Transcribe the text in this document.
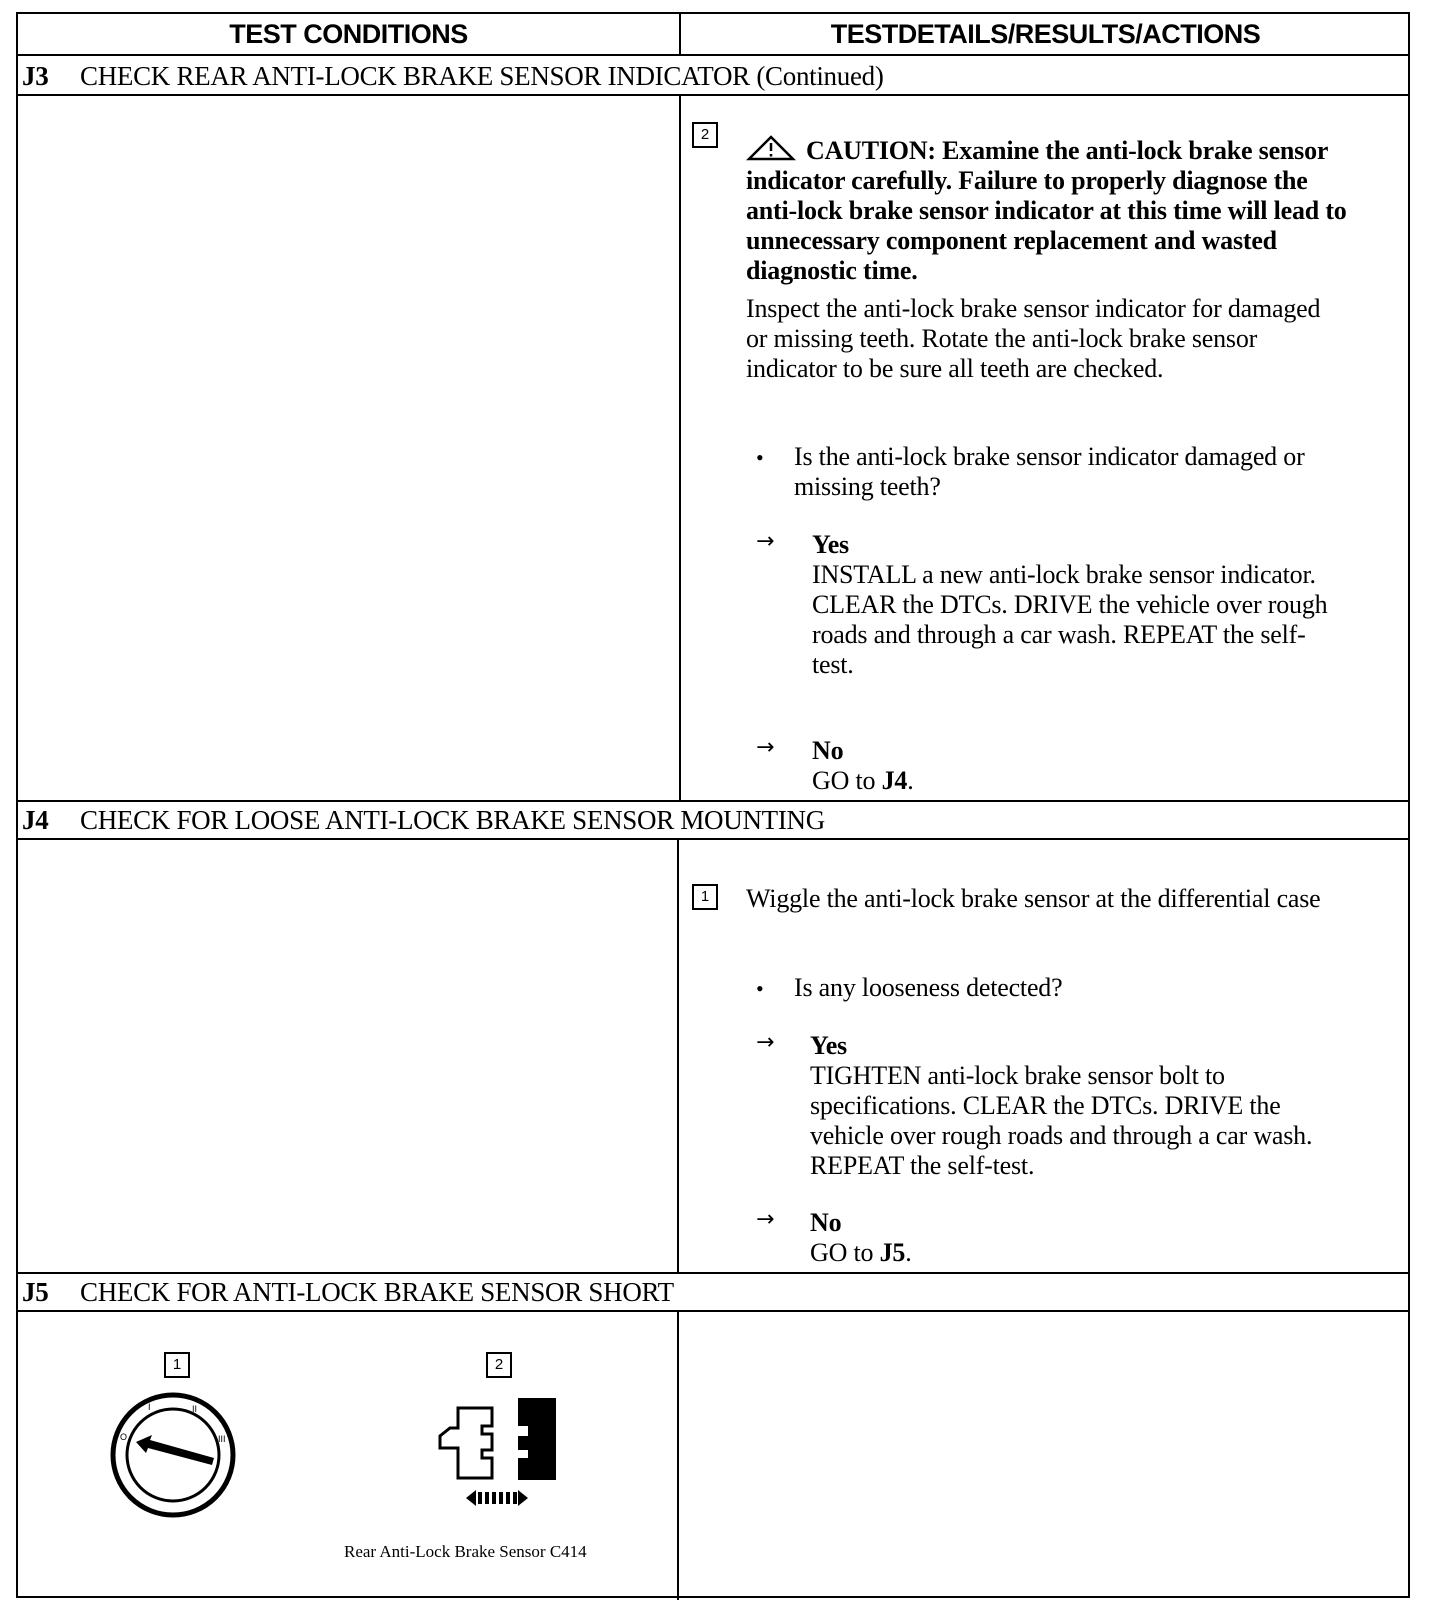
TEST CONDITIONS	TESTDETAILS/RESULTS/ACTIONS
J3 CHECK REAR ANTI-LOCK BRAKE SENSOR INDICATOR (Continued)
2
CAUTION: Examine the anti-lock brake sensor indicator carefully. Failure to properly diagnose the anti-lock brake sensor indicator at this time will lead to unnecessary component replacement and wasted diagnostic time.
Inspect the anti-lock brake sensor indicator for damaged or missing teeth. Rotate the anti-lock brake sensor indicator to be sure all teeth are checked.
• Is the anti-lock brake sensor indicator damaged or missing teeth?
→ Yes
INSTALL a new anti-lock brake sensor indicator. CLEAR the DTCs. DRIVE the vehicle over rough roads and through a car wash. REPEAT the self-test.
→ No
GO to J4.
J4 CHECK FOR LOOSE ANTI-LOCK BRAKE SENSOR MOUNTING
1	Wiggle the anti-lock brake sensor at the differential case
• Is any looseness detected?
→ Yes
TIGHTEN anti-lock brake sensor bolt to specifications. CLEAR the DTCs. DRIVE the vehicle over rough roads and through a car wash. REPEAT the self-test.
→ No
GO to J5.
J5 CHECK FOR ANTI-LOCK BRAKE SENSOR SHORT
1
O
I	II
III
2
Rear Anti-Lock Brake Sensor C414
